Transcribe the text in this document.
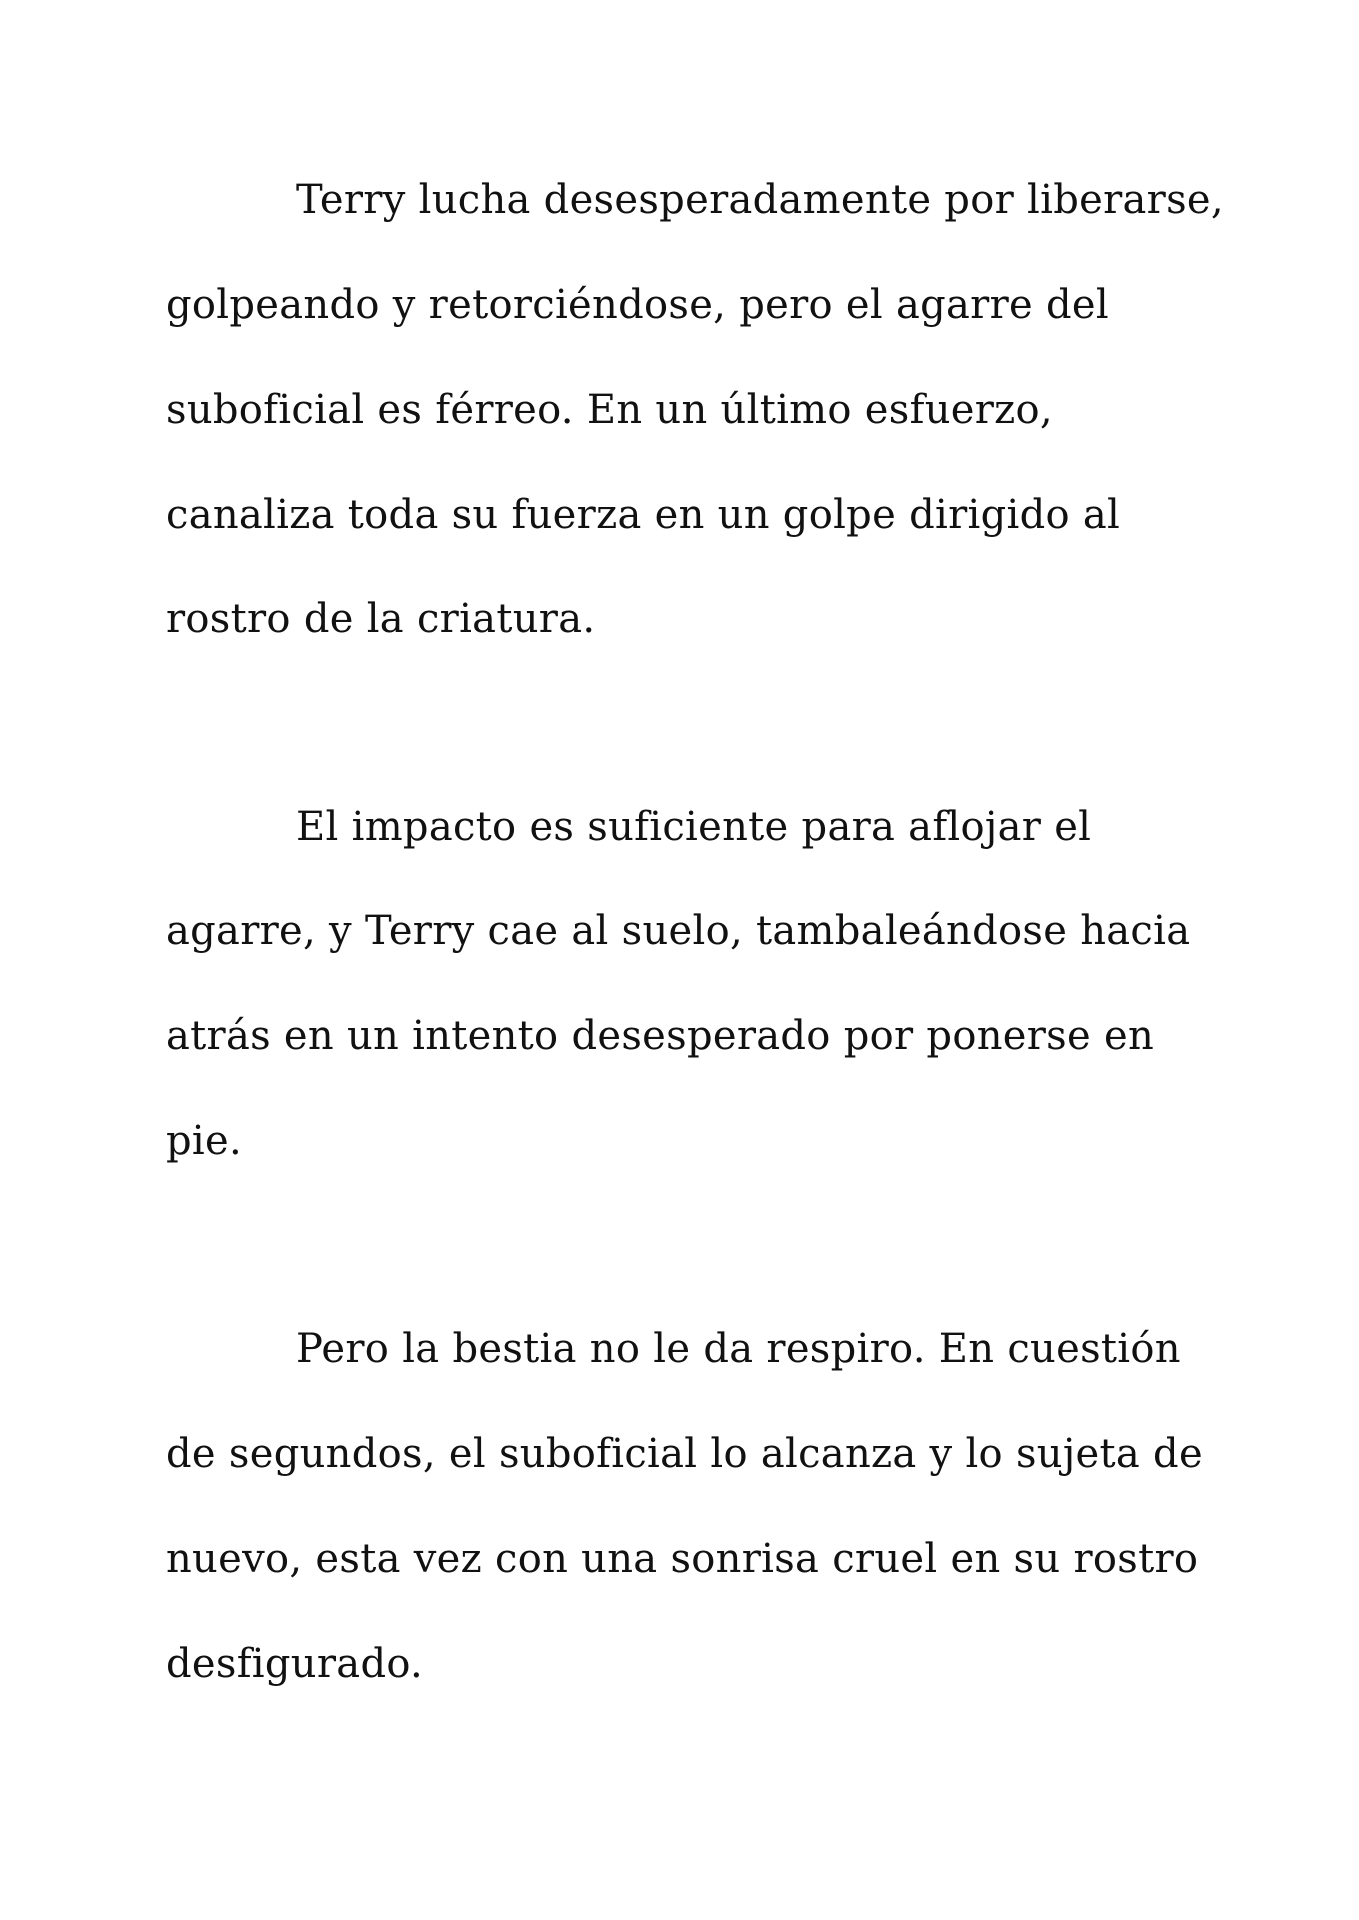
Terry lucha desesperadamente por liberarse,
golpeando y retorciéndose, pero el agarre del
suboficial es férreo. En un último esfuerzo,
canaliza toda su fuerza en un golpe dirigido al
rostro de la criatura.
El impacto es suficiente para aflojar el
agarre, y Terry cae al suelo, tambaleándose hacia
atrás en un intento desesperado por ponerse en
pie.
Pero la bestia no le da respiro. En cuestión
de segundos, el suboficial lo alcanza y lo sujeta de
nuevo, esta vez con una sonrisa cruel en su rostro
desfigurado.
